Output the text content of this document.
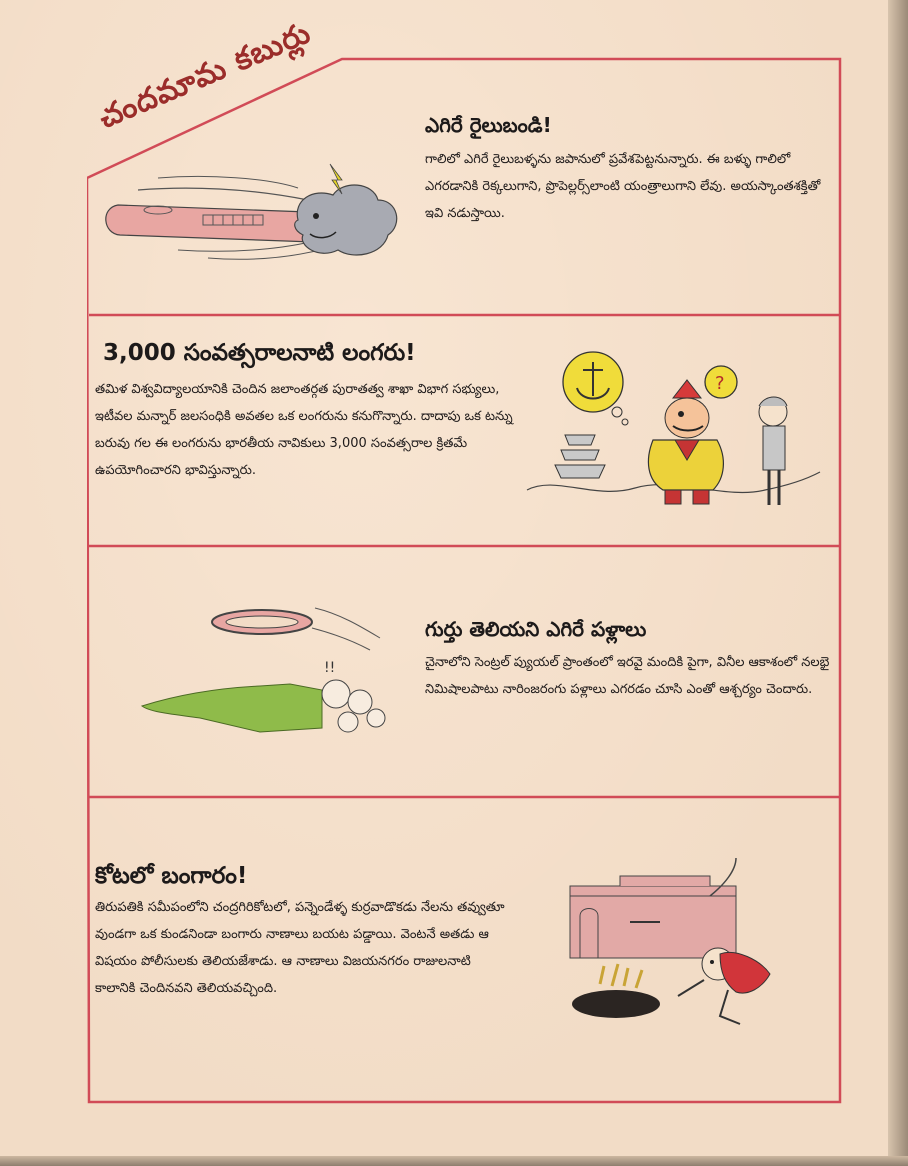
చందమామ కబుర్లు	ఎగిరే రైలుబండి!
గాలిలో ఎగిరే రైలుబళ్ళను జపానులో ప్రవేశపెట్టనున్నారు. ఈ బళ్ళు గాలిలో ఎగరడానికి రెక్కలుగాని, ప్రొపెల్లర్స్‌లాంటి యంత్రాలుగాని లేవు. అయస్కాంతశక్తితో ఇవి నడుస్తాయి.
3,000 సంవత్సరాలనాటి లంగరు!
తమిళ విశ్వవిద్యాలయానికి చెందిన జలాంతర్గత పురాతత్వ శాఖా విభాగ సభ్యులు, ఇటీవల మన్నార్ జలసంధికి అవతల ఒక లంగరును కనుగొన్నారు. దాదాపు ఒక టన్ను బరువు గల ఈ లంగరును భారతీయ నావికులు 3,000 సంవత్సరాల క్రితమే ఉపయోగించారని భావిస్తున్నారు.
?
గుర్తు తెలియని ఎగిరే పళ్లాలు
చైనాలోని సెంట్రల్ ప్యుయల్ ప్రాంతంలో ఇరవై మందికి పైగా, వినీల ఆకాశంలో నలభై నిమిషాలపాటు నారింజరంగు పళ్లాలు ఎగరడం చూసి ఎంతో ఆశ్చర్యం చెందారు.
!!
కోటలో బంగారం!
తిరుపతికి సమీపంలోని చంద్రగిరికోటలో, పన్నెండేళ్ళ కుర్రవాడొకడు నేలను తవ్వుతూ వుండగా ఒక కుండనిండా బంగారు నాణాలు బయట పడ్డాయి. వెంటనే అతడు ఆ విషయం పోలీసులకు తెలియజేశాడు. ఆ నాణాలు విజయనగరం రాజులనాటి కాలానికి చెందినవని తెలియవచ్చింది.
